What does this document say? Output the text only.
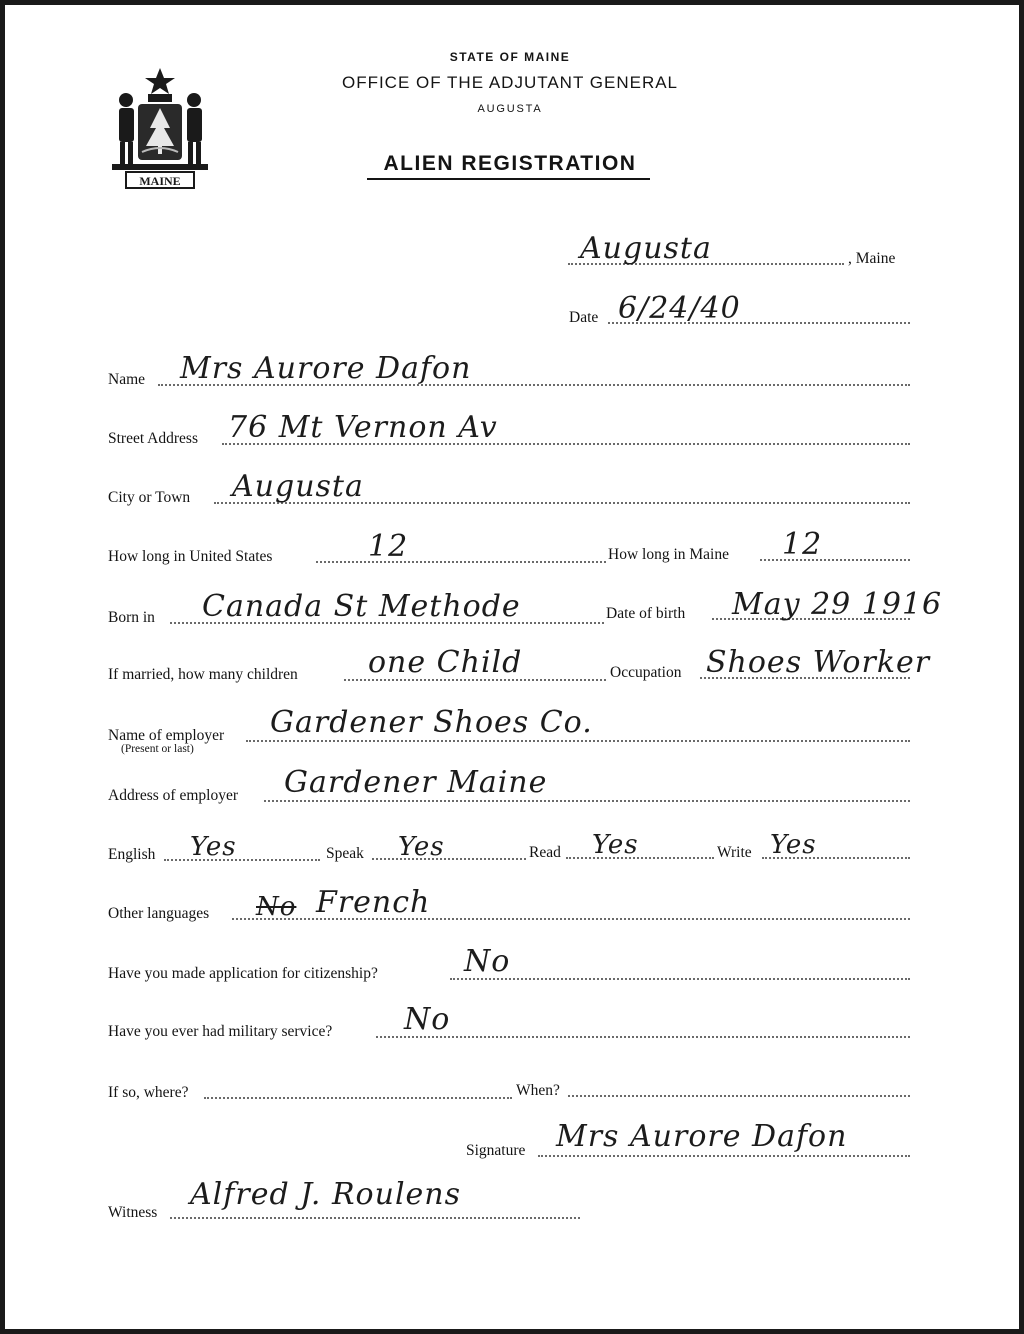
MAINE
STATE OF MAINE
OFFICE OF THE ADJUTANT GENERAL
AUGUSTA
ALIEN REGISTRATION
Augusta	, Maine
Date 6/24/40
Name Mrs Aurore Dafon
Street Address 76 Mt Vernon Av
City or Town Augusta
How long in United States	12	How long in Maine 12
Born in Canada St Methode	Date of birth May 29 1916
If married, how many children one Child	Occupation Shoes Worker
Name of employer
(Present or last)
Gardener Shoes Co.
Address of employer Gardener Maine
English Yes	Speak Yes	Read Yes	Write Yes
Other languages No French
Have you made application for citizenship?	No
Have you ever had military service? No
If so, where?	When?
Signature Mrs Aurore Dafon
Witness
Alfred J. Roulens
